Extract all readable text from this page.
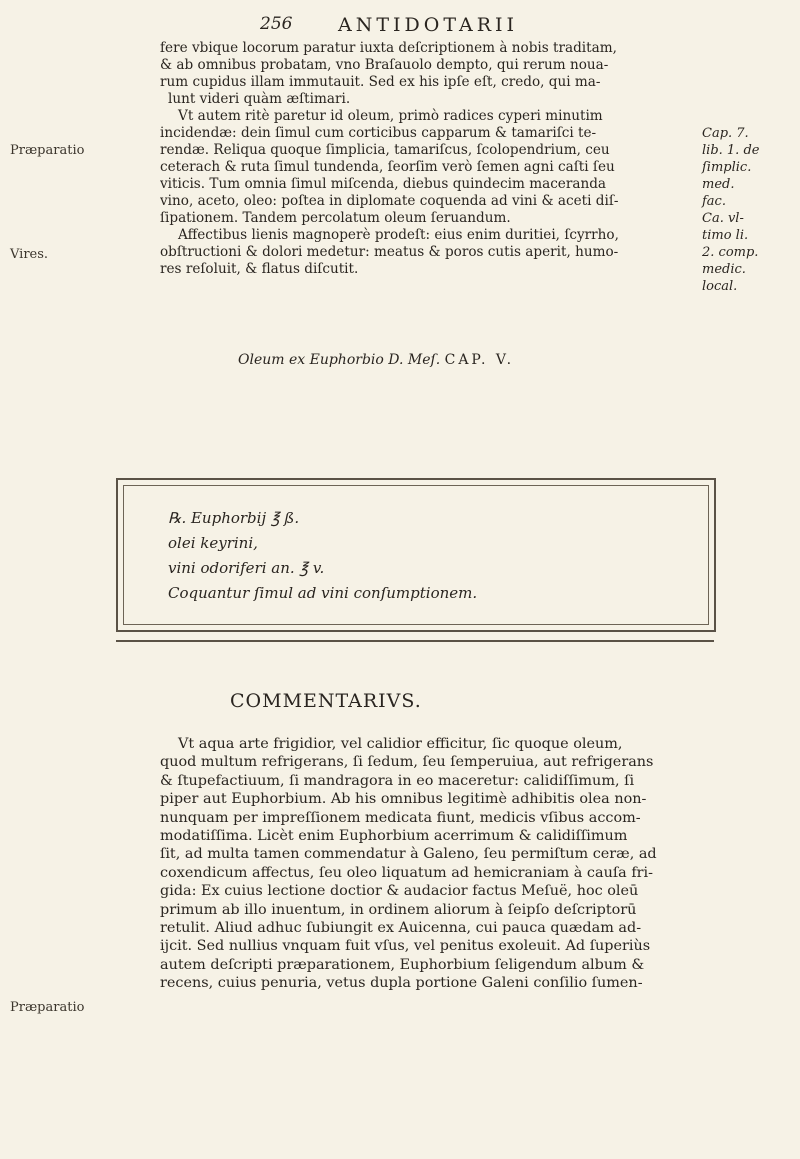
256 ANTIDOTARII
fere vbique locorum paratur iuxta deſcriptionem à nobis traditam,
& ab omnibus probatam, vno Braſauolo dempto, qui rerum noua-
rum cupidus illam immutauit. Sed ex his ipſe eſt, credo, qui ma-
lunt videri quàm æſtimari.
Vt autem ritè paretur id oleum, primò radices cyperi minutim
incidendæ: dein ſimul cum corticibus capparum & tamariſci te-
rendæ. Reliqua quoque ſimplicia, tamariſcus, ſcolopendrium, ceu
ceterach & ruta ſimul tundenda, ſeorſim verò ſemen agni caſti ſeu
viticis. Tum omnia ſimul miſcenda, diebus quindecim maceranda
vino, aceto, oleo: poſtea in diplomate coquenda ad vini & aceti diſ-
ſipationem. Tandem percolatum oleum ſeruandum.
Affectibus lienis magnoperè prodeſt: eius enim duritiei, ſcyrrho,
obſtructioni & dolori medetur: meatus & poros cutis aperit, humo-
res reſoluit, & flatus diſcutit.
Præparatio
Vires.
Præparatio
Cap. 7.
lib. 1. de
ſimplic.
med.
fac.
Ca. vl-
timo li.
2. comp.
medic.
local.
Oleum ex Euphorbio D. Meſ. CAP. V.
℞. Euphorbij ℥ ß.
olei keyrini,
vini odoriferi an. ℥ v.
Coquantur ſimul ad vini conſumptionem.
COMMENTARIVS.
Vt aqua arte frigidior, vel calidior efficitur, ſic quoque oleum,
quod multum refrigerans, ſi ſedum, ſeu ſemperuiua, aut refrigerans
& ſtupefactiuum, ſi mandragora in eo maceretur: calidiſſimum, ſi
piper aut Euphorbium. Ab his omnibus legitimè adhibitis olea non-
nunquam per impreſſionem medicata fiunt, medicis vſibus accom-
modatiſſima. Licèt enim Euphorbium acerrimum & calidiſſimum
ſit, ad multa tamen commendatur à Galeno, ſeu permiſtum ceræ, ad
coxendicum affectus, ſeu oleo liquatum ad hemicraniam à cauſa fri-
gida: Ex cuius lectione doctior & audacior factus Meſuë, hoc oleū
primum ab illo inuentum, in ordinem aliorum à ſeipſo deſcriptorū
retulit. Aliud adhuc ſubiungit ex Auicenna, cui pauca quædam ad-
ijcit. Sed nullius vnquam fuit vſus, vel penitus exoleuit. Ad ſuperiùs
autem deſcripti præparationem, Euphorbium ſeligendum album &
recens, cuius penuria, vetus dupla portione Galeni conſilio ſumen-
